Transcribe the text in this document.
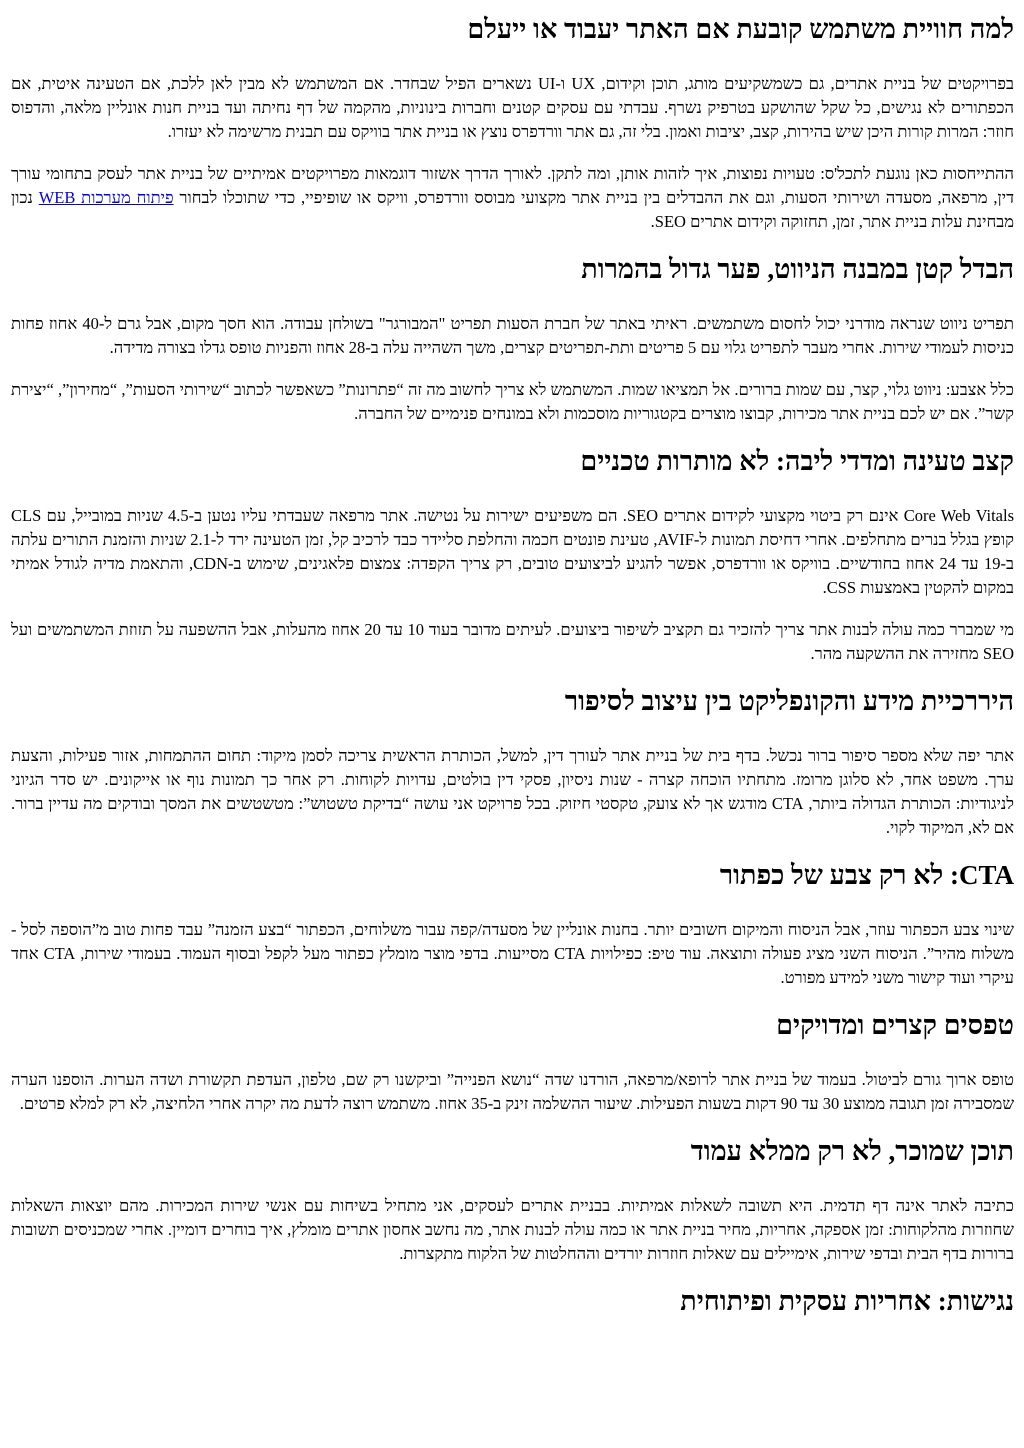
למה חוויית משתמש קובעת אם האתר יעבוד או ייעלם

בפרויקטים של בניית אתרים, גם כשמשקיעים מותג, תוכן וקידום, UX ו-UI נשארים הפיל שבחדר. אם המשתמש לא מבין לאן ללכת, אם הטעינה איטית, אם הכפתורים לא נגישים, כל שקל שהושקע בטרפיק נשרף. עבדתי עם עסקים קטנים וחברות בינוניות, מהקמה של דף נחיתה ועד בניית חנות אונליין מלאה, והדפוס חוזר: המרות קורות היכן שיש בהירות, קצב, יציבות ואמון. בלי זה, גם אתר וורדפרס נוצץ או בניית אתר בוויקס עם תבנית מרשימה לא יעזרו.

ההתייחסות כאן נוגעת לתכל'ס: טעויות נפוצות, איך לזהות אותן, ומה לתקן. לאורך הדרך אשזור דוגמאות מפרויקטים אמיתיים של בניית אתר לעסק בתחומי עורך דין, מרפאה, מסעדה ושירותי הסעות, וגם את ההבדלים בין בניית אתר מקצועי מבוסס וורדפרס, וויקס או שופיפיי, כדי שתוכלו לבחור פיתוח מערכות WEB נכון מבחינת עלות בניית אתר, זמן, תחזוקה וקידום אתרים SEO.

הבדל קטן במבנה הניווט, פער גדול בהמרות

תפריט ניווט שנראה מודרני יכול לחסום משתמשים. ראיתי באתר של חברת הסעות תפריט "המבורגר" בשולחן עבודה. הוא חסך מקום, אבל גרם ל-40 אחוז פחות כניסות לעמודי שירות. אחרי מעבר לתפריט גלוי עם 5 פריטים ותת-תפריטים קצרים, משך השהייה עלה ב-28 אחוז והפניות טופס גדלו בצורה מדידה.

כלל אצבע: ניווט גלוי, קצר, עם שמות ברורים. אל תמציאו שמות. המשתמש לא צריך לחשוב מה זה “פתרונות” כשאפשר לכתוב “שירותי הסעות”, “מחירון”, “יצירת קשר”. אם יש לכם בניית אתר מכירות, קבוצו מוצרים בקטגוריות מוסכמות ולא במונחים פנימיים של החברה.

קצב טעינה ומדדי ליבה: לא מותרות טכניים

Core Web Vitals אינם רק ביטוי מקצועי לקידום אתרים SEO. הם משפיעים ישירות על נטישה. אתר מרפאה שעבדתי עליו נטען ב-4.5 שניות במובייל, עם CLS קופץ בגלל בנרים מתחלפים. אחרי דחיסת תמונות ל-AVIF, טעינת פונטים חכמה והחלפת סליידר כבד לרכיב קל, זמן הטעינה ירד ל-2.1 שניות והזמנת התורים עלתה ב-19 עד 24 אחוז בחודשיים. בוויקס או וורדפרס, אפשר להגיע לביצועים טובים, רק צריך הקפדה: צמצום פלאגינים, שימוש ב-CDN, והתאמת מדיה לגודל אמיתי במקום להקטין באמצעות CSS.

מי שמברר כמה עולה לבנות אתר צריך להזכיר גם תקציב לשיפור ביצועים. לעיתים מדובר בעוד 10 עד 20 אחוז מהעלות, אבל ההשפעה על תזוזת המשתמשים ועל SEO מחזירה את ההשקעה מהר.

היררכיית מידע והקונפליקט בין עיצוב לסיפור

אתר יפה שלא מספר סיפור ברור נכשל. בדף בית של בניית אתר לעורך דין, למשל, הכותרת הראשית צריכה לסמן מיקוד: תחום ההתמחות, אזור פעילות, והצעת ערך. משפט אחד, לא סלוגן מרומז. מתחתיו הוכחה קצרה - שנות ניסיון, פסקי דין בולטים, עדויות לקוחות. רק אחר כך תמונות נוף או אייקונים. יש סדר הגיוני לניגודיות: הכותרת הגדולה ביותר, CTA מודגש אך לא צועק, טקסטי חיזוק. בכל פרויקט אני עושה “בדיקת טשטוש”: מטשטשים את המסך ובודקים מה עדיין ברור. אם לא, המיקוד לקוי.

CTA: לא רק צבע של כפתור

שינוי צבע הכפתור עוזר, אבל הניסוח והמיקום חשובים יותר. בחנות אונליין של מסעדה/קפה עבור משלוחים, הכפתור “בצע הזמנה” עבד פחות טוב מ”הוספה לסל - משלוח מהיר”. הניסוח השני מציג פעולה ותוצאה. עוד טיפ: כפילויות CTA מסייעות. בדפי מוצר מומלץ כפתור מעל לקפל ובסוף העמוד. בעמודי שירות, CTA אחד עיקרי ועוד קישור משני למידע מפורט.

טפסים קצרים ומדויקים

טופס ארוך גורם לביטול. בעמוד של בניית אתר לרופא/מרפאה, הורדנו שדה “נושא הפנייה” וביקשנו רק שם, טלפון, העדפת תקשורת ושדה הערות. הוספנו הערה שמסבירה זמן תגובה ממוצע 30 עד 90 דקות בשעות הפעילות. שיעור ההשלמה זינק ב-35 אחוז. משתמש רוצה לדעת מה יקרה אחרי הלחיצה, לא רק למלא פרטים.

תוכן שמוכר, לא רק ממלא עמוד

כתיבה לאתר אינה דף תדמית. היא תשובה לשאלות אמיתיות. בבניית אתרים לעסקים, אני מתחיל בשיחות עם אנשי שירות המכירות. מהם יוצאות השאלות שחוזרות מהלקוחות: זמן אספקה, אחריות, מחיר בניית אתר או כמה עולה לבנות אתר, מה נחשב אחסון אתרים מומלץ, איך בוחרים דומיין. אחרי שמכניסים תשובות ברורות בדף הבית ובדפי שירות, אימיילים עם שאלות חוזרות יורדים וההחלטות של הלקוח מתקצרות.

נגישות: אחריות עסקית ופיתוחית
